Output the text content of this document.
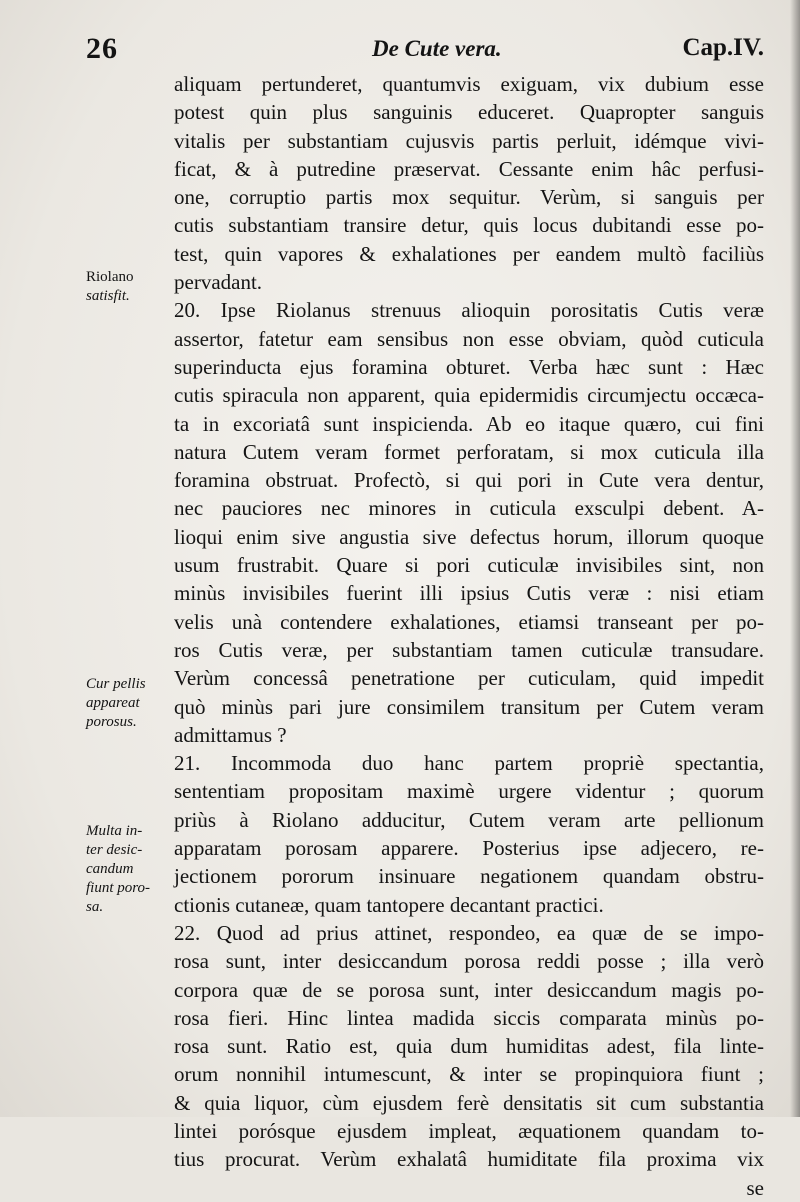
26	De Cute vera.	Cap.IV.
aliquam pertunderet, quantumvis exiguam, vix dubium esse
potest quin plus sanguinis educeret. Quapropter sanguis
vitalis per substantiam cujusvis partis perluit, idémque vivi-
ficat, & à putredine præservat. Cessante enim hâc perfusi-
one, corruptio partis mox sequitur. Verùm, si sanguis per
cutis substantiam transire detur, quis locus dubitandi esse po-
test, quin vapores & exhalationes per eandem multò faciliùs
pervadant.
20. Ipse Riolanus strenuus alioquin porositatis Cutis veræ
assertor, fatetur eam sensibus non esse obviam, quòd cuticula
superinducta ejus foramina obturet. Verba hæc sunt : Hæc
cutis spiracula non apparent, quia epidermidis circumjectu occæca-
ta in excoriatâ sunt inspicienda. Ab eo itaque quæro, cui fini
natura Cutem veram formet perforatam, si mox cuticula illa
foramina obstruat. Profectò, si qui pori in Cute vera dentur,
nec pauciores nec minores in cuticula exsculpi debent. A-
lioqui enim sive angustia sive defectus horum, illorum quoque
usum frustrabit. Quare si pori cuticulæ invisibiles sint, non
minùs invisibiles fuerint illi ipsius Cutis veræ : nisi etiam
velis unà contendere exhalationes, etiamsi transeant per po-
ros Cutis veræ, per substantiam tamen cuticulæ transudare.
Verùm concessâ penetratione per cuticulam, quid impedit
quò minùs pari jure consimilem transitum per Cutem veram
admittamus ?
21. Incommoda duo hanc partem propriè spectantia,
sententiam propositam maximè urgere videntur ; quorum
priùs à Riolano adducitur, Cutem veram arte pellionum
apparatam porosam apparere. Posterius ipse adjecero, re-
jectionem pororum insinuare negationem quandam obstru-
ctionis cutaneæ, quam tantopere decantant practici.
22. Quod ad prius attinet, respondeo, ea quæ de se impo-
rosa sunt, inter desiccandum porosa reddi posse ; illa verò
corpora quæ de se porosa sunt, inter desiccandum magis po-
rosa fieri. Hinc lintea madida siccis comparata minùs po-
rosa sunt. Ratio est, quia dum humiditas adest, fila linte-
orum nonnihil intumescunt, & inter se propinquiora fiunt ;
& quia liquor, cùm ejusdem ferè densitatis sit cum substantia
lintei porósque ejusdem impleat, æquationem quandam to-
tius procurat. Verùm exhalatâ humiditate fila proxima vix
se
Riolano
satisfit.
Cur pellis
appareat
porosus.
Multa in-
ter desic-
candum
fiunt poro-
sa.
